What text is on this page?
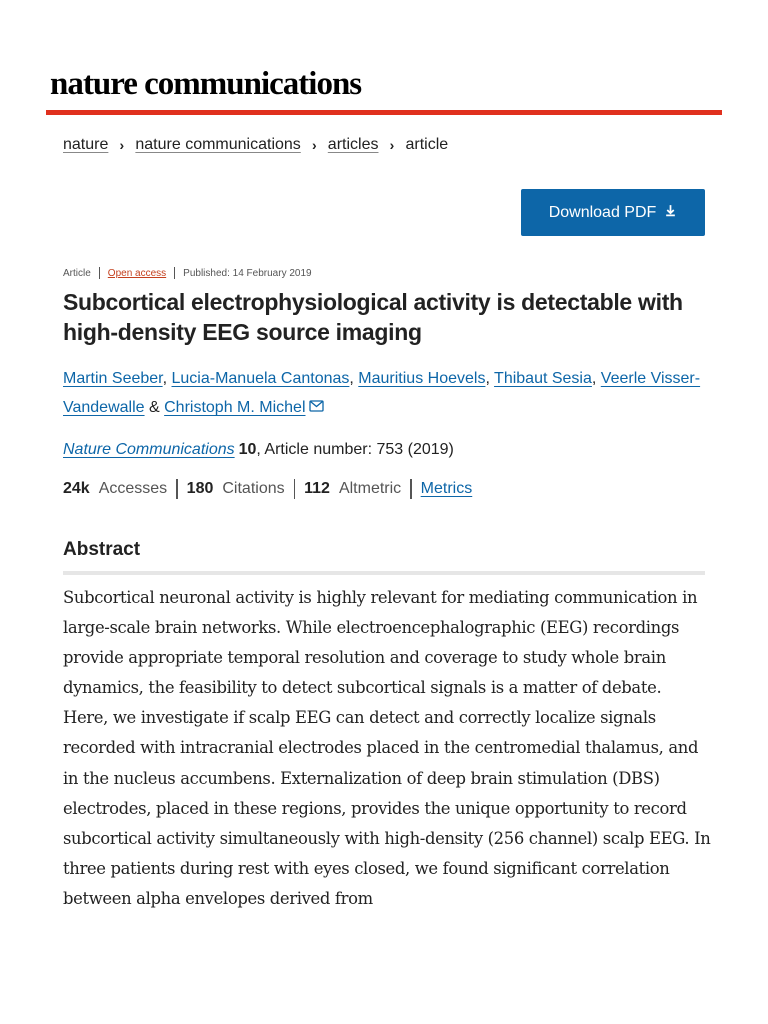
nature communications
nature › nature communications › articles › article
Download PDF
Article Open access Published: 14 February 2019
Subcortical electrophysiological activity is detectable with high-density EEG source imaging
Martin Seeber, Lucia-Manuela Cantonas, Mauritius Hoevels, Thibaut Sesia, Veerle Visser-Vandewalle & Christoph M. Michel
Nature Communications 10, Article number: 753 (2019)
24k Accesses 180 Citations 112 Altmetric Metrics
Abstract

Subcortical neuronal activity is highly relevant for mediating communication in large-scale brain networks. While electroencephalographic (EEG) recordings provide appropriate temporal resolution and coverage to study whole brain dynamics, the feasibility to detect subcortical signals is a matter of debate. Here, we investigate if scalp EEG can detect and correctly localize signals recorded with intracranial electrodes placed in the centromedial thalamus, and in the nucleus accumbens. Externalization of deep brain stimulation (DBS) electrodes, placed in these regions, provides the unique opportunity to record subcortical activity simultaneously with high-density (256 channel) scalp EEG. In three patients during rest with eyes closed, we found significant correlation between alpha envelopes derived from
